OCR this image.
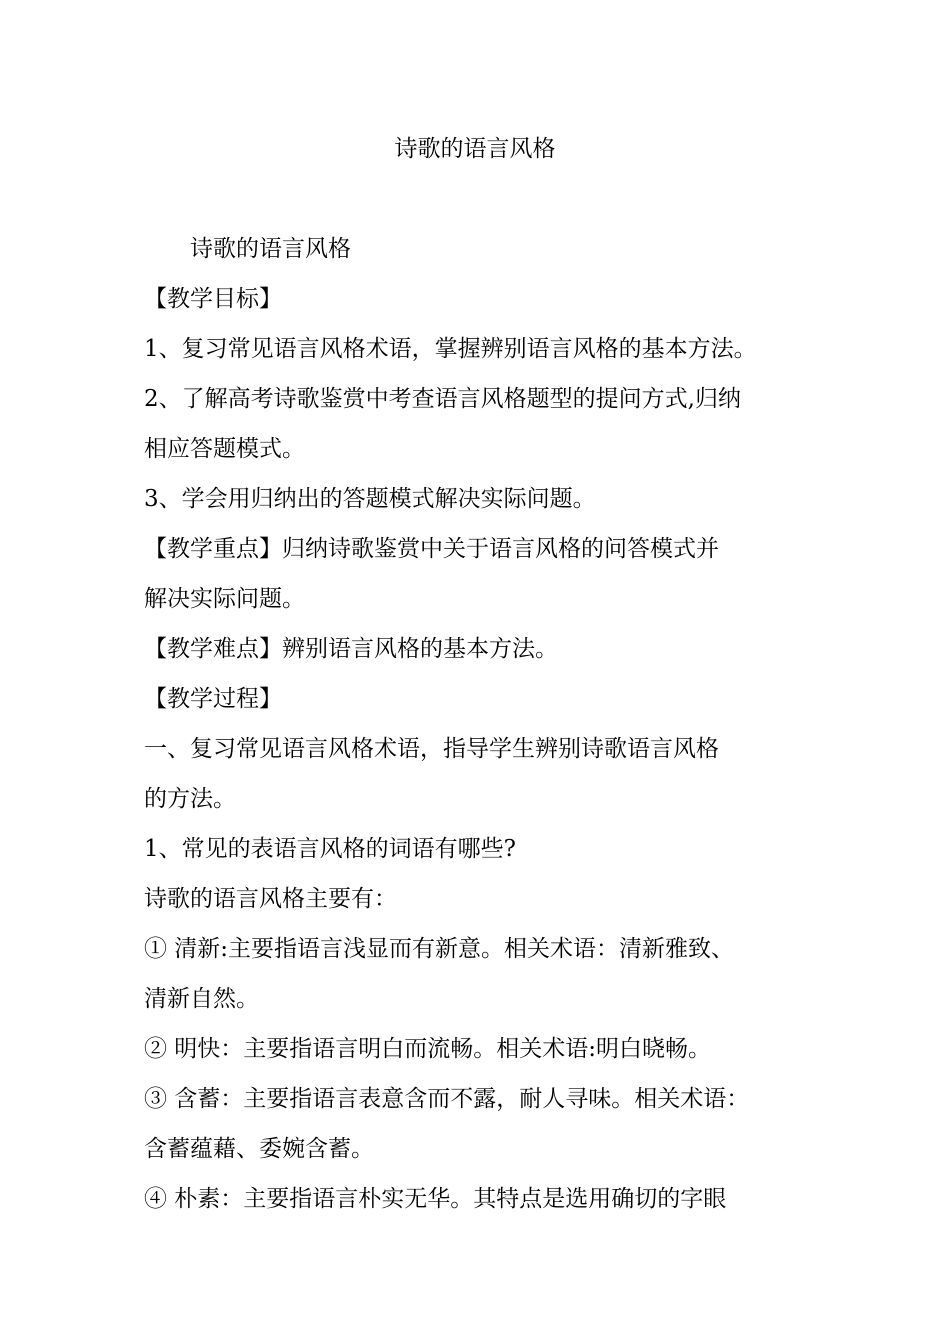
诗歌的语言风格
诗歌的语言风格
【教学目标】
1、复习常见语言风格术语，掌握辨别语言风格的基本方法。
2、了解高考诗歌鉴赏中考查语言风格题型的提问方式,归纳
相应答题模式。
3、学会用归纳出的答题模式解决实际问题。
【教学重点】归纳诗歌鉴赏中关于语言风格的问答模式并
解决实际问题。
【教学难点】辨别语言风格的基本方法。
【教学过程】
一、复习常见语言风格术语，指导学生辨别诗歌语言风格
的方法。
1、常见的表语言风格的词语有哪些?
诗歌的语言风格主要有：
① 清新:主要指语言浅显而有新意。相关术语：清新雅致、
清新自然。
② 明快：主要指语言明白而流畅。相关术语:明白晓畅。
③ 含蓄：主要指语言表意含而不露，耐人寻味。相关术语：
含蓄蕴藉、委婉含蓄。
④ 朴素：主要指语言朴实无华。其特点是选用确切的字眼
